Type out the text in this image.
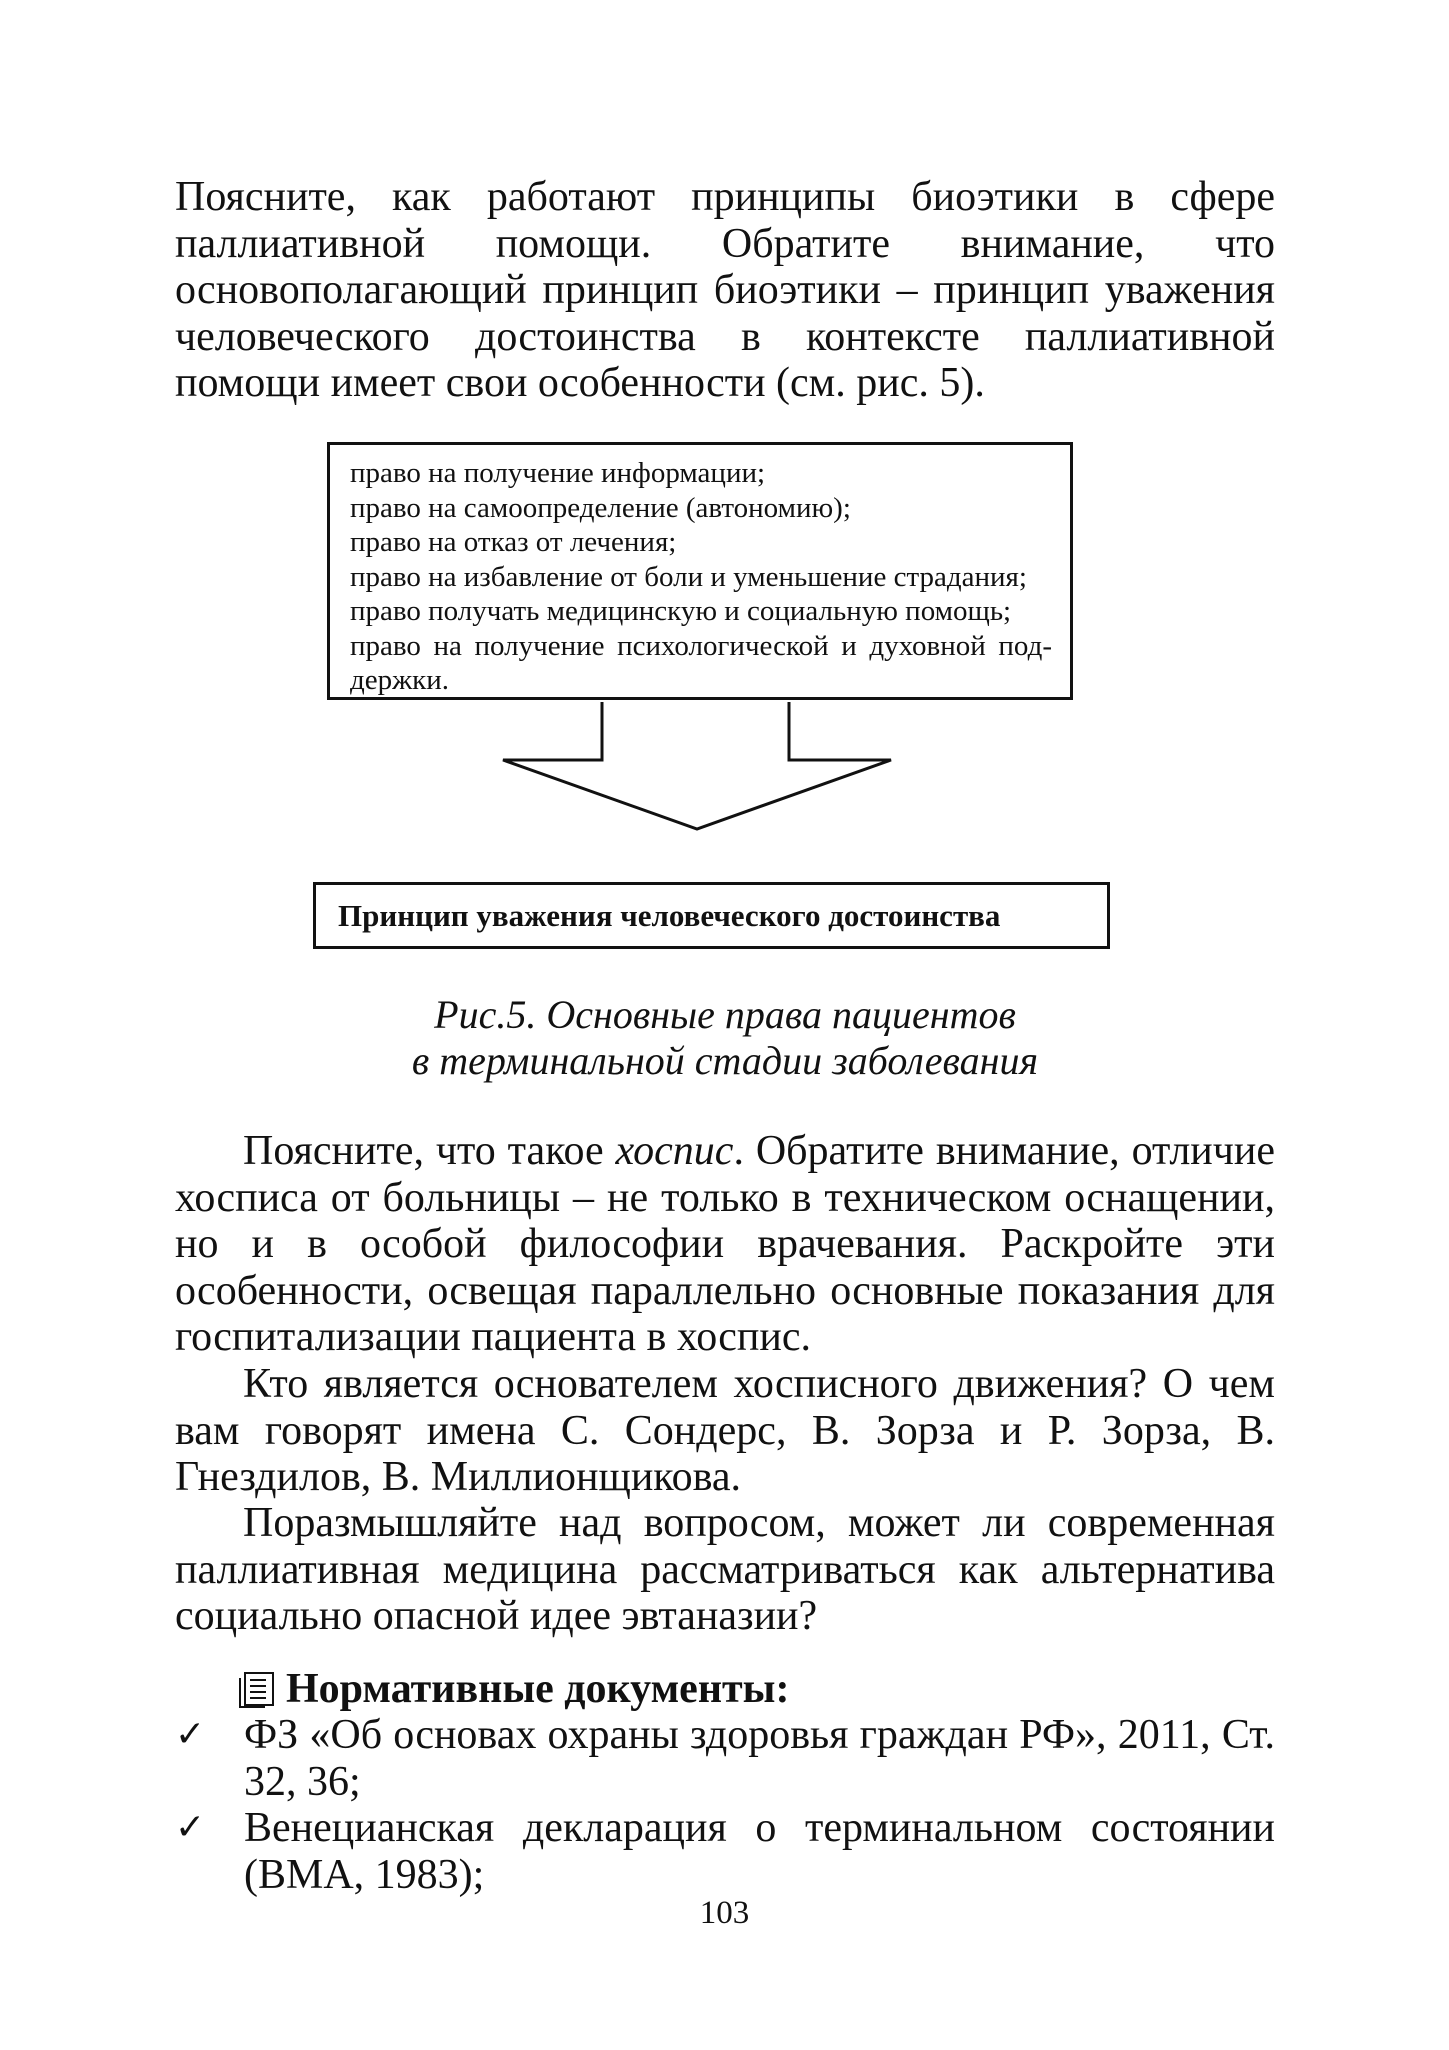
Поясните, как работают принципы биоэтики в сфере паллиативной помощи. Обратите внимание, что основополагающий принцип биоэтики – принцип уважения человеческого достоинства в контексте паллиативной помощи имеет свои особенности (см. рис. 5).

право на получение информации;
право на самоопределение (автономию);
право на отказ от лечения;
право на избавление от боли и уменьшение страдания;
право получать медицинскую и социальную помощь;
право на получение психологической и духовной под-
держки.
Принцип уважения человеческого достоинства

Рис.5. Основные права пациентов

в терминальной стадии заболевания

Поясните, что такое хоспис. Обратите внимание, отличие хосписа от больницы – не только в техническом оснащении, но и в особой философии врачевания. Раскройте эти особенности, освещая параллельно основные показания для госпитализации пациента в хоспис.

Кто является основателем хосписного движения? О чем вам говорят имена С. Сондерс, В. Зорза и Р. Зорза, В. Гнездилов, В. Миллионщикова.

Поразмышляйте над вопросом, может ли современная паллиативная медицина рассматриваться как альтернатива социально опасной идее эвтаназии?

Нормативные документы:
✓ ФЗ «Об основах охраны здоровья граждан РФ», 2011, Ст. 32, 36;
✓ Венецианская декларация о терминальном состоянии (ВМА, 1983);
103
